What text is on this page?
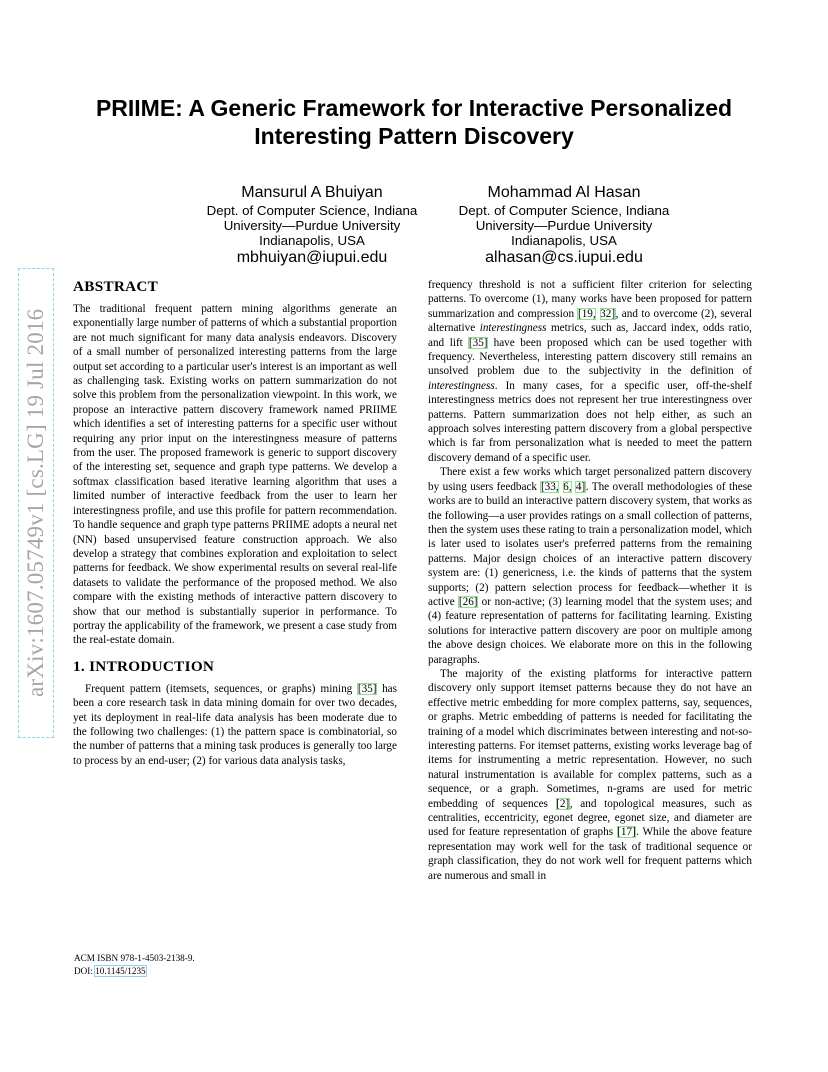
arXiv:1607.05749v1 [cs.LG] 19 Jul 2016
PRIIME: A Generic Framework for Interactive Personalized
Interesting Pattern Discovery
Mansurul A Bhuiyan
Dept. of Computer Science, Indiana
University—Purdue University
Indianapolis, USA
mbhuiyan@iupui.edu
Mohammad Al Hasan
Dept. of Computer Science, Indiana
University—Purdue University
Indianapolis, USA
alhasan@cs.iupui.edu
ABSTRACT

The traditional frequent pattern mining algorithms generate an exponentially large number of patterns of which a substantial proportion are not much significant for many data analysis endeavors. Discovery of a small number of personalized interesting patterns from the large output set according to a particular user's interest is an important as well as challenging task. Existing works on pattern summarization do not solve this problem from the personalization viewpoint. In this work, we propose an interactive pattern discovery framework named PRIIME which identifies a set of interesting patterns for a specific user without requiring any prior input on the interestingness measure of patterns from the user. The proposed framework is generic to support discovery of the interesting set, sequence and graph type patterns. We develop a softmax classification based iterative learning algorithm that uses a limited number of interactive feedback from the user to learn her interestingness profile, and use this profile for pattern recommendation. To handle sequence and graph type patterns PRIIME adopts a neural net (NN) based unsupervised feature construction approach. We also develop a strategy that combines exploration and exploitation to select patterns for feedback. We show experimental results on several real-life datasets to validate the performance of the proposed method. We also compare with the existing methods of interactive pattern discovery to show that our method is substantially superior in performance. To portray the applicability of the framework, we present a case study from the real-estate domain.

1. INTRODUCTION

Frequent pattern (itemsets, sequences, or graphs) mining [35] has been a core research task in data mining domain for over two decades, yet its deployment in real-life data analysis has been moderate due to the following two challenges: (1) the pattern space is combinatorial, so the number of patterns that a mining task produces is generally too large to process by an end-user; (2) for various data analysis tasks,

frequency threshold is not a sufficient filter criterion for selecting patterns. To overcome (1), many works have been proposed for pattern summarization and compression [19, 32], and to overcome (2), several alternative interestingness metrics, such as, Jaccard index, odds ratio, and lift [35] have been proposed which can be used together with frequency. Nevertheless, interesting pattern discovery still remains an unsolved problem due to the subjectivity in the definition of interestingness. In many cases, for a specific user, off-the-shelf interestingness metrics does not represent her true interestingness over patterns. Pattern summarization does not help either, as such an approach solves interesting pattern discovery from a global perspective which is far from personalization what is needed to meet the pattern discovery demand of a specific user.

There exist a few works which target personalized pattern discovery by using users feedback [33, 6, 4]. The overall methodologies of these works are to build an interactive pattern discovery system, that works as the following—a user provides ratings on a small collection of patterns, then the system uses these rating to train a personalization model, which is later used to isolates user's preferred patterns from the remaining patterns. Major design choices of an interactive pattern discovery system are: (1) genericness, i.e. the kinds of patterns that the system supports; (2) pattern selection process for feedback—whether it is active [26] or non-active; (3) learning model that the system uses; and (4) feature representation of patterns for facilitating learning. Existing solutions for interactive pattern discovery are poor on multiple among the above design choices. We elaborate more on this in the following paragraphs.

The majority of the existing platforms for interactive pattern discovery only support itemset patterns because they do not have an effective metric embedding for more complex patterns, say, sequences, or graphs. Metric embedding of patterns is needed for facilitating the training of a model which discriminates between interesting and not-so-interesting patterns. For itemset patterns, existing works leverage bag of items for instrumenting a metric representation. However, no such natural instrumentation is available for complex patterns, such as a sequence, or a graph. Sometimes, n-grams are used for metric embedding of sequences [2], and topological measures, such as centralities, eccentricity, egonet degree, egonet size, and diameter are used for feature representation of graphs [17]. While the above feature representation may work well for the task of traditional sequence or graph classification, they do not work well for frequent patterns which are numerous and small in

ACM ISBN 978-1-4503-2138-9.
DOI: 10.1145/1235
